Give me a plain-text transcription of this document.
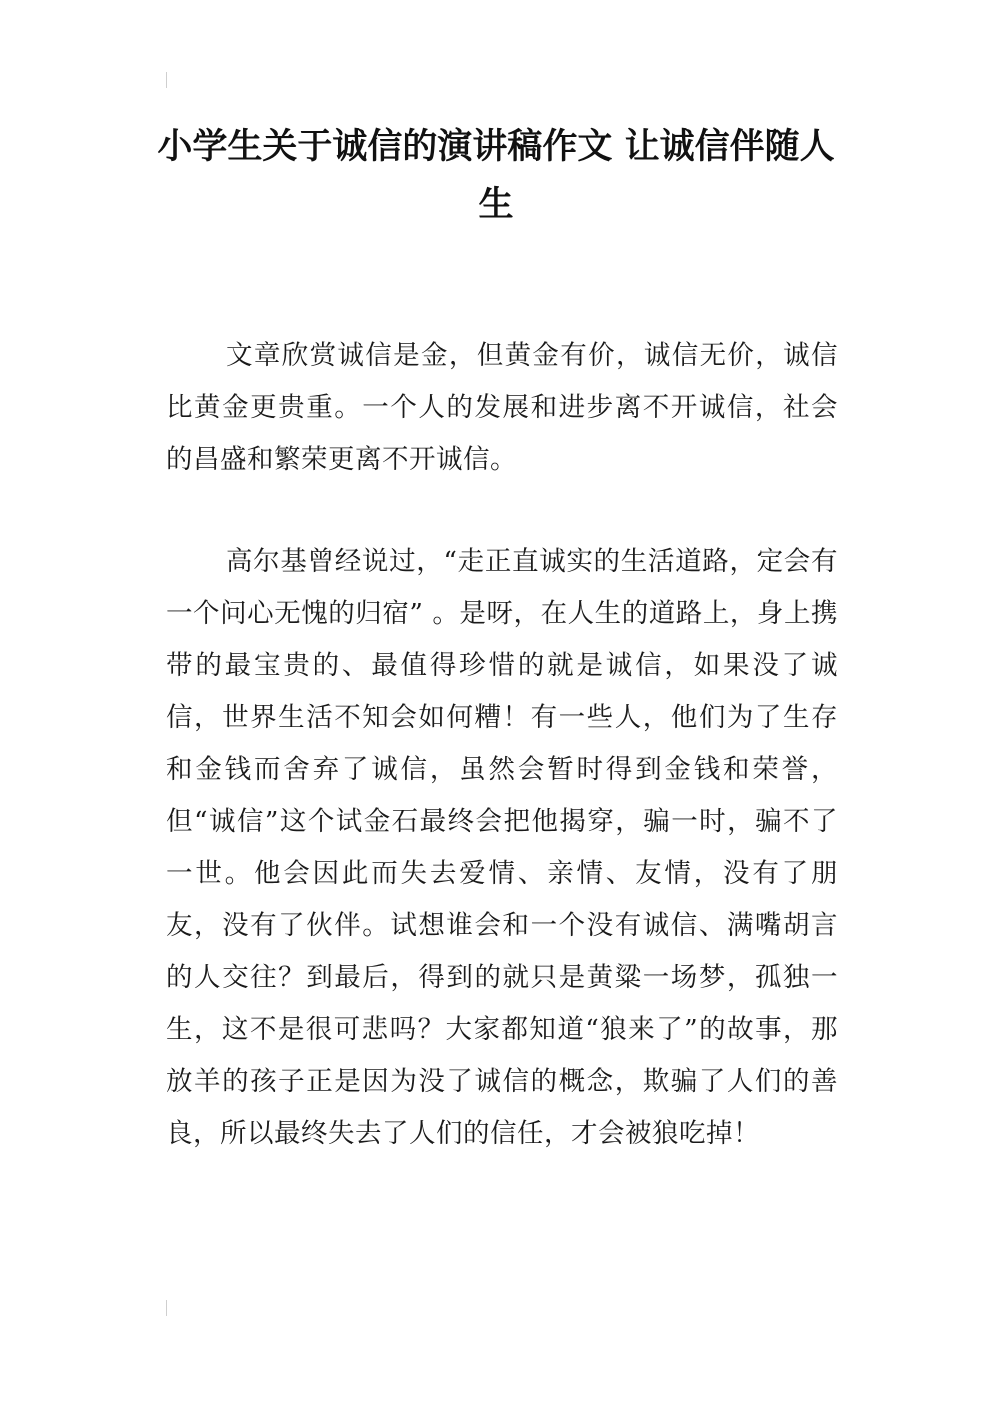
小学生关于诚信的演讲稿作文 让诚信伴随人生

文章欣赏诚信是金，但黄金有价，诚信无价，诚信比黄金更贵重。一个人的发展和进步离不开诚信，社会的昌盛和繁荣更离不开诚信。

高尔基曾经说过，“走正直诚实的生活道路，定会有一个问心无愧的归宿” 。是呀，在人生的道路上，身上携带的最宝贵的、最值得珍惜的就是诚信，如果没了诚信，世界生活不知会如何糟！有一些人，他们为了生存和金钱而舍弃了诚信，虽然会暂时得到金钱和荣誉，但“诚信”这个试金石最终会把他揭穿，骗一时，骗不了一世。他会因此而失去爱情、亲情、友情，没有了朋友，没有了伙伴。试想谁会和一个没有诚信、满嘴胡言的人交往？到最后，得到的就只是黄粱一场梦，孤独一生，这不是很可悲吗？大家都知道“狼来了”的故事，那放羊的孩子正是因为没了诚信的概念，欺骗了人们的善良，所以最终失去了人们的信任，才会被狼吃掉！
